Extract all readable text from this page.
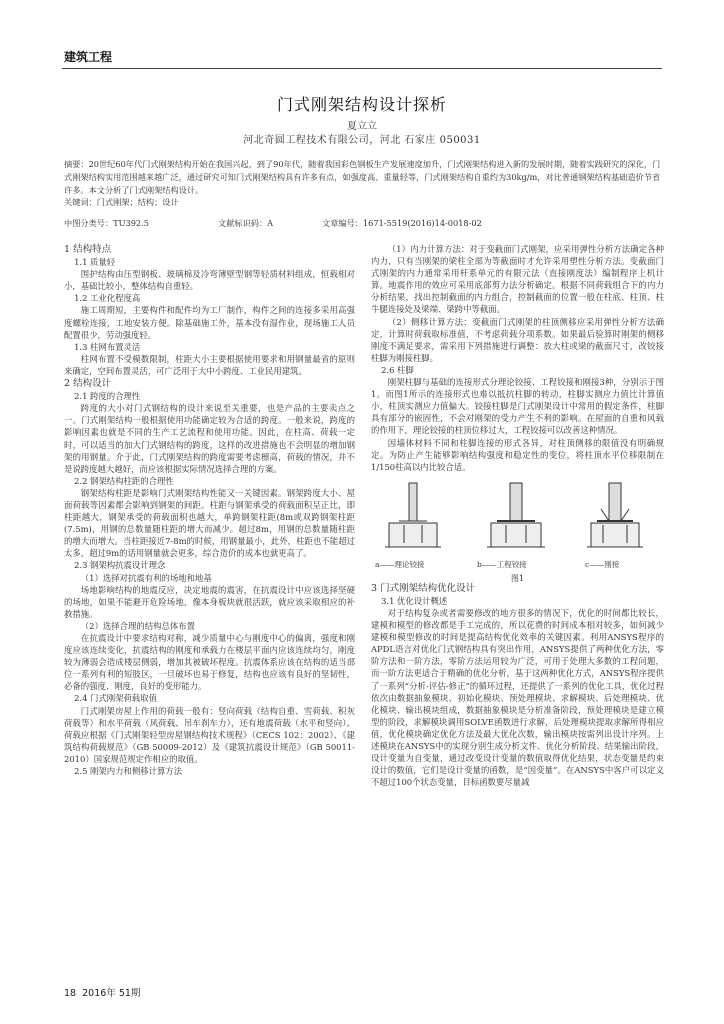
建筑工程
门式刚架结构设计探析
夏立立
河北奇圆工程技术有限公司，河北 石家庄 050031

摘要：20世纪60年代门式刚架结构开始在我国兴起，到了90年代，随着我国彩色钢板生产发展速度加升，门式刚架结构进入新的发展时期，随着实践研究的深化，门式刚架结构实用范围越来越广泛，通过研究可知门式刚架结构具有许多有点，如强度高、重量轻等，门式刚架结构自重约为30kg/m，对比普通钢架结构基础造价节省许多。本文分析了门式刚架结构设计。

关键词：门式刚架；结构；设计

中图分类号：TU392.5	文献标识码：A	文章编号：1671-5519(2016)14-0018-02

1 结构特点

1.1 质量轻

围护结构由压型钢板、玻璃棉及冷弯薄壁型钢等轻质材料组成，恒载相对小，基础比较小，整体结构自重轻。

1.2 工业化程度高

施工周期短，主要构件和配件均为工厂制作，构件之间的连接多采用高强度螺栓连接，工地安装方便。除基础施工外，基本没有湿作业，现场施工人员配置很少，劳动强度轻。

1.3 柱网布置灵活

柱网布置不受模数限制，柱距大小主要根据使用要求和用钢量最省的原则来确定，空间布置灵活，可广泛用于大中小跨度、工业民用建筑。

2 结构设计

2.1 跨度的合理性

跨度的大小对门式钢结构的设计来说至关重要，也是产品的主要卖点之一。门式刚架结构一般根据使用功能确定较为合适的跨度。一般来说，跨度的影响因素也就是不同的生产工艺流程和使用功能。因此，在柱高、荷载一定时，可以适当的加大门式钢结构的跨度，这样的改进措施也不会明显的增加钢架的用钢量。介于此，门式刚架结构的跨度需要考虑檩高，荷载的情况，并不是说跨度越大越好，而应该根据实际情况选择合理的方案。

2.2 钢架结构柱距的合理性

钢架结构柱距是影响门式刚架结构性能又一关键因素。钢架跨度大小、屋面荷载等因素都会影响到钢架的间距。柱距与钢架承受的荷载面积呈正比，即柱距越大，钢架承受的荷载面积也越大，单跨钢架柱距(8m或双跨钢架柱距(7.5m)，用钢的总数量随柱距的增大而减少。超过8m，用钢的总数量随柱距的增大而增大。当柱距接近7-8m的时候，用钢量最小，此外，柱距也不能超过太多，超过9m的话用钢量就会更多，综合造价的成本也就更高了。

2.3 钢架构抗震设计理念

（1）选择对抗震有利的场地和地基

场地影响结构的地震反应，决定地震的震害，在抗震设计中应该选择坚硬的场地，如果不能避开危险场地，像本身板块就很活跃，就应该采取相应的补救措施。

（2）选择合理的结构总体布置

在抗震设计中要求结构对称，减少质量中心与刚度中心的偏离，强度和刚度应该连续变化，抗震结构的刚度和承载力在楼层平面内应该连续均匀，刚度较为薄弱会造成楼层侧弱，增加其被破坏程度。抗震体系应该在结构的适当部位一系列有利的短肢区，一旦破坏也易于修复，结构也应该有良好的坚韧性，必备的强度、刚度，良好的变形能力。

2.4 门式刚架荷载取值

门式刚架房屋上作用的荷载一般有：竖向荷载（结构自重、雪荷载、积灰荷载等）和水平荷载（风荷载、吊车刹车力），还有地震荷载（水平和竖向）。荷载应根据《门式刚架轻型房屋钢结构技术规程》（CECS 102：2002）、《建筑结构荷载规范》（GB 50009-2012）及《建筑抗震设计规范》（GB 50011-2010）国家规范规定作相应的取值。

2.5 刚架内力和侧移计算方法

（1）内力计算方法：对于变截面门式刚架，应采用弹性分析方法确定各种内力，只有当刚架的梁柱全部为等截面时才允许采用塑性分析方法。变截面门式刚架的内力通常采用杆系单元的有限元法（直接刚度法）编制程序上机计算。地震作用的效应可采用底部剪力法分析确定。根据不同荷载组合下的内力分析结果，找出控制截面的内力组合，控制截面的位置一般在柱底、柱顶、柱牛腿连接处及梁端、梁跨中等截面。

（2）侧移计算方法：变截面门式刚架的柱顶侧移应采用弹性分析方法确定，计算时荷载取标准值，不考虑荷载分项系数。如果最后验算时刚架的侧移刚度不满足要求，需采用下列措施进行调整：放大柱或梁的截面尺寸，改铰接柱脚为刚接柱脚。

2.6 柱脚

刚架柱脚与基础的连接形式分理论铰接、工程铰接和刚接3种，分别示于图1。而图1所示的连接形式也难以抵抗柱脚的转动，柱脚实测应力值比计算值小，柱顶实测应力值偏大。铰接柱脚是门式刚架设计中常用的假定条件，柱脚具有部分的嵌固性，不会对刚架的受力产生不利的影响。在屋面的自重和风载的作用下，理论铰接的柱顶位移过大，工程铰接可以改善这种情况。

因墙体材料不同和柱脚连接的形式各异，对柱顶侧移的限值没有明确规定。为防止产生能够影响结构强度和稳定性的变位，将柱顶水平位移限制在1/150柱高以内比较合适。

a——理论铰接	b——工程铰接	c——刚接
图1

3 门式刚架结构优化设计

3.1 优化设计概述

对于结构复杂或者需要修改的地方很多的情况下，优化的时间都比较长，建模和模型的修改都是手工完成的，所以花费的时间成本相对较多，如何减少建模和模型修改的时间是提高结构优化效率的关键因素。利用ANSYS程序的APDL语言对优化门式钢结构具有突出作用，ANSYS提供了两种优化方法，零阶方法和一阶方法，零阶方法运用较为广泛，可用于处理大多数的工程问题，而一阶方法更适合于精确的优化分析，基于这两种优化方式，ANSYS程序提供了一系列“分析-评估-修正”的循环过程，还提供了一系列的优化工具，优化过程依次由数据抽象模块、初始化模块、预处理模块、求解模块、后处理模块、优化模块、输出模块组成，数据抽象模块是分析准备阶段，预处理模块是建立模型的阶段，求解模块调用SOLVE函数进行求解，后处理模块提取求解所得相应值，优化模块确定优化方法及最大优化次数，输出模块按需列出设计序列。上述模块在ANSYS中的实现分别生成分析文件、优化分析阶段、结果输出阶段，设计变量为自变量，通过改变设计变量的数值取得优化结果，状态变量是约束设计的数值，它们是设计变量的函数，是“因变量”。在ANSYS中客户可以定义不超过100个状态变量，目标函数要尽量减

18 2016年 51期
